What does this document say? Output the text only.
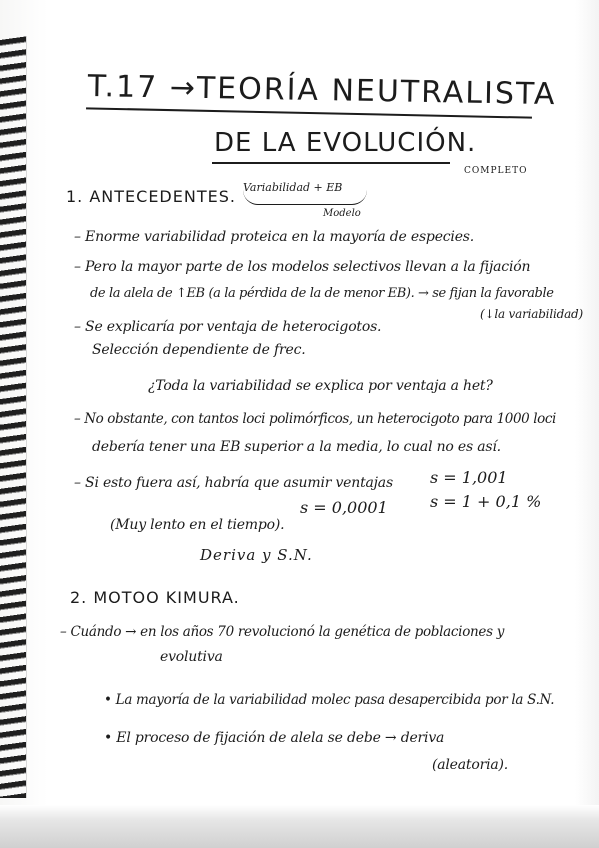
T.17 →TEORÍA NEUTRALISTA
DE LA EVOLUCIÓN.
COMPLETO
1. ANTECEDENTES. Variabilidad + EB
Modelo

– Enorme variabilidad proteica en la mayoría de especies.

– Pero la mayor parte de los modelos selectivos llevan a la fijación

de la alela de ↑EB (a la pérdida de la de menor EB). → se fijan la favorable

(↓la variabilidad)

– Se explicaría por ventaja de heterocigotos.

Selección dependiente de frec.

¿Toda la variabilidad se explica por ventaja a het?

– No obstante, con tantos loci polimórficos, un heterocigoto para 1000 loci

debería tener una EB superior a la media, lo cual no es así.

– Si esto fuera así, habría que asumir ventajas s = 1,001

s = 1 + 0,1 %

s = 0,0001

(Muy lento en el tiempo).

Deriva y S.N.

2. MOTOO KIMURA.

– Cuándo → en los años 70 revolucionó la genética de poblaciones y

evolutiva

• La mayoría de la variabilidad molec pasa desapercibida por la S.N.

• El proceso de fijación de alela se debe → deriva

(aleatoria).
